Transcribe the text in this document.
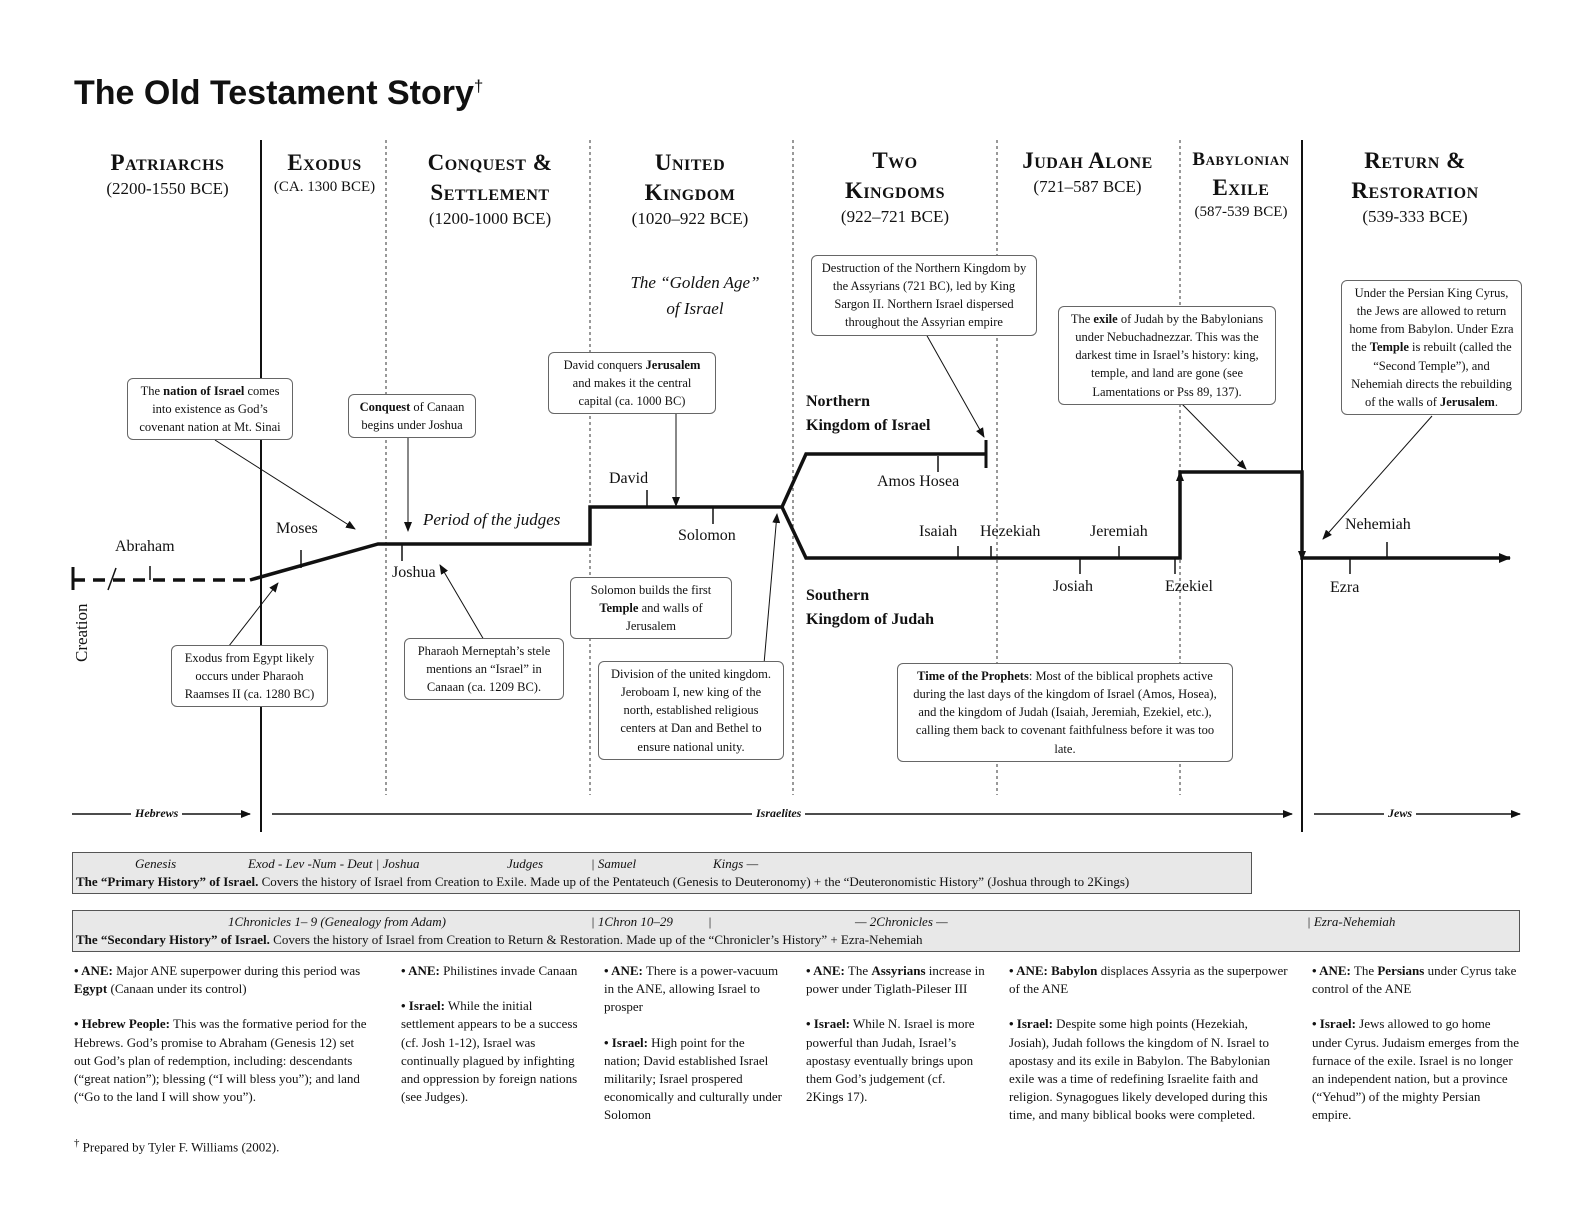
The Old Testament Story†
Patriarchs
(2200-1550 BCE)
Exodus
(CA. 1300 BCE)
Conquest &
Settlement
(1200-1000 BCE)
United
Kingdom
(1020–922 BCE)
Two
Kingdoms
(922–721 BCE)
Judah Alone
(721–587 BCE)
Babylonian
Exile
(587-539 BCE)
Return &
Restoration
(539-333 BCE)
The “Golden Age”
of Israel
Period of the judges
Creation
Abraham
Moses
Joshua
David
Solomon
Amos Hosea
Isaiah Hezekiah	Jeremiah
Josiah	Ezekiel
Nehemiah
Ezra
Northern
Kingdom of Israel
Southern
Kingdom of Judah
The nation of Israel comes into existence as God’s covenant nation at Mt. Sinai
Conquest of Canaan begins under Joshua
David conquers Jerusalem and makes it the central capital (ca. 1000 BC)
Destruction of the Northern Kingdom by the Assyrians (721 BC), led by King Sargon II. Northern Israel dispersed throughout the Assyrian empire	The exile of Judah by the Babylonians under Nebuchadnezzar. This was the darkest time in Israel’s history: king, temple, and land are gone (see Lamentations or Pss 89, 137).
Under the Persian King Cyrus, the Jews are allowed to return home from Babylon. Under Ezra the Temple is rebuilt (called the “Second Temple”), and Nehemiah directs the rebuilding of the walls of Jerusalem.
Exodus from Egypt likely occurs under Pharaoh Raamses II (ca. 1280 BC)
Pharaoh Merneptah’s stele mentions an “Israel” in Canaan (ca. 1209 BC).
Solomon builds the first Temple and walls of Jerusalem
Division of the united kingdom. Jeroboam I, new king of the north, established religious centers at Dan and Bethel to ensure national unity.
Time of the Prophets: Most of the biblical prophets active during the last days of the kingdom of Israel (Amos, Hosea), and the kingdom of Judah (Isaiah, Jeremiah, Ezekiel, etc.), calling them back to covenant faithfulness before it was too late.
Hebrews	Israelites	Jews
Genesis	Exod - Lev -Num - Deut | Joshua	Judges	| Samuel	Kings —
The “Primary History” of Israel. Covers the history of Israel from Creation to Exile. Made up of the Pentateuch (Genesis to Deuteronomy) + the “Deuteronomistic History” (Joshua through to 2Kings)
1Chronicles 1– 9 (Genealogy from Adam)	| 1Chron 10–29	|	— 2Chronicles —	| Ezra-Nehemiah
The “Secondary History” of Israel. Covers the history of Israel from Creation to Return & Restoration. Made up of the “Chronicler’s History” + Ezra-Nehemiah

• ANE: Major ANE superpower during this period was Egypt (Canaan under its control)

• Hebrew People: This was the formative period for the Hebrews. God’s promise to Abraham (Genesis 12) set out God’s plan of redemption, including: descendants (“great nation”); blessing (“I will bless you”); and land (“Go to the land I will show you”).

• ANE: Philistines invade Canaan

• Israel: While the initial settlement appears to be a success (cf. Josh 1-12), Israel was continually plagued by infighting and oppression by foreign nations (see Judges).

• ANE: There is a power-vacuum in the ANE, allowing Israel to prosper

• Israel: High point for the nation; David established Israel militarily; Israel prospered economically and culturally under Solomon

• ANE: The Assyrians increase in power under Tiglath-Pileser III

• Israel: While N. Israel is more powerful than Judah, Israel’s apostasy eventually brings upon them God’s judgement (cf. 2Kings 17).

• ANE: Babylon displaces Assyria as the superpower of the ANE

• Israel: Despite some high points (Hezekiah, Josiah), Judah follows the kingdom of N. Israel to apostasy and its exile in Babylon. The Babylonian exile was a time of redefining Israelite faith and religion. Synagogues likely developed during this time, and many biblical books were completed.

• ANE: The Persians under Cyrus take control of the ANE

• Israel: Jews allowed to go home under Cyrus. Judaism emerges from the furnace of the exile. Israel is no longer an independent nation, but a province (“Yehud”) of the mighty Persian empire.

† Prepared by Tyler F. Williams (2002).
